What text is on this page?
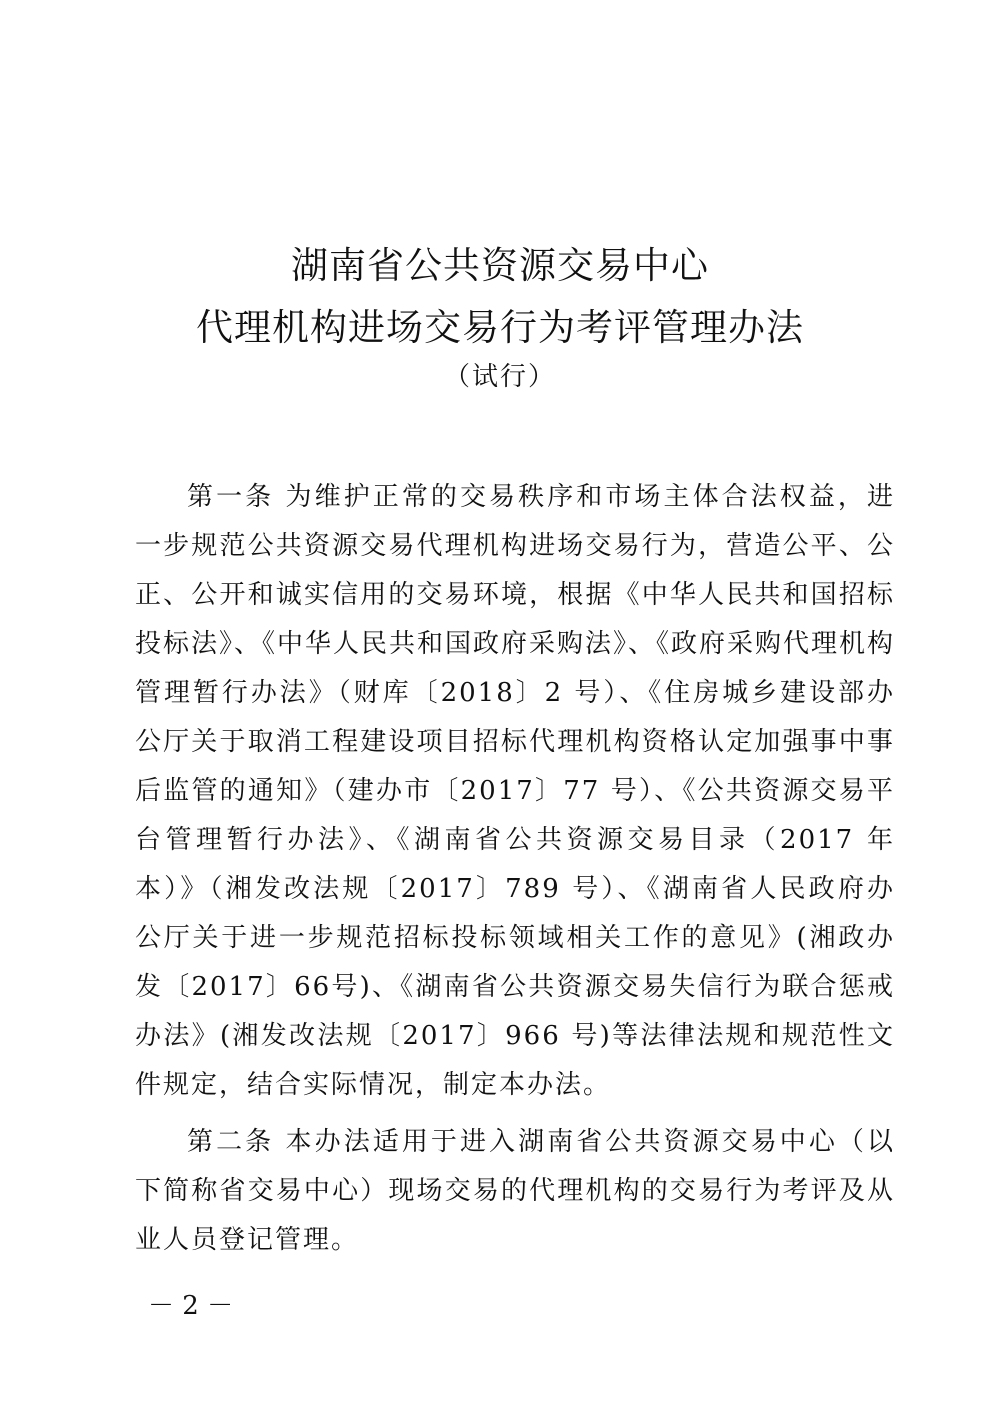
湖南省公共资源交易中心
代理机构进场交易行为考评管理办法
（试行）

第一条 为维护正常的交易秩序和市场主体合法权益，进一步规范公共资源交易代理机构进场交易行为，营造公平、公正、公开和诚实信用的交易环境，根据《中华人民共和国招标投标法》、《中华人民共和国政府采购法》、《政府采购代理机构管理暂行办法》（财库〔2018〕2 号）、《住房城乡建设部办公厅关于取消工程建设项目招标代理机构资格认定加强事中事后监管的通知》（建办市〔2017〕77 号）、《公共资源交易平台管理暂行办法》、《湖南省公共资源交易目录（2017 年本）》（湘发改法规〔2017〕789 号）、《湖南省人民政府办公厅关于进一步规范招标投标领域相关工作的意见》(湘政办发〔2017〕66号)、《湖南省公共资源交易失信行为联合惩戒办法》(湘发改法规〔2017〕966 号)等法律法规和规范性文件规定，结合实际情况，制定本办法。

第二条 本办法适用于进入湖南省公共资源交易中心（以下简称省交易中心）现场交易的代理机构的交易行为考评及从业人员登记管理。

－ 2 －
